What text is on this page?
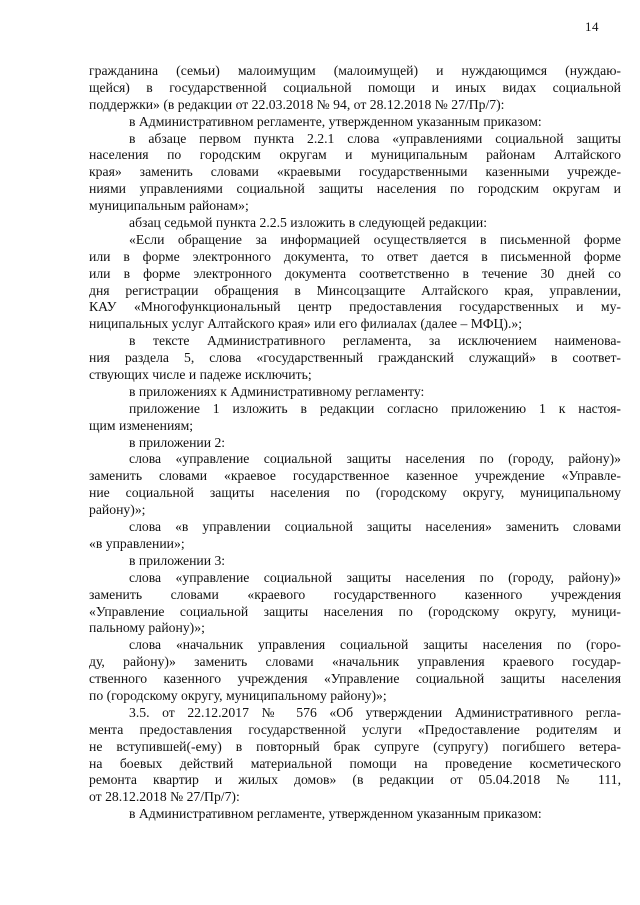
14
гражданина (семьи) малоимущим (малоимущей) и нуждающимся (нуждаю-
щейся) в государственной социальной помощи и иных видах социальной
поддержки» (в редакции от 22.03.2018 № 94, от 28.12.2018 № 27/Пр/7):
в Административном регламенте, утвержденном указанным приказом:
в абзаце первом пункта 2.2.1 слова «управлениями социальной защиты
населения по городским округам и муниципальным районам Алтайского
края» заменить словами «краевыми государственными казенными учрежде-
ниями управлениями социальной защиты населения по городским округам и
муниципальным районам»;
абзац седьмой пункта 2.2.5 изложить в следующей редакции:
«Если обращение за информацией осуществляется в письменной форме
или в форме электронного документа, то ответ дается в письменной форме
или в форме электронного документа соответственно в течение 30 дней со
дня регистрации обращения в Минсоцзащите Алтайского края, управлении,
КАУ «Многофункциональный центр предоставления государственных и му-
ниципальных услуг Алтайского края» или его филиалах (далее – МФЦ).»;
в тексте Административного регламента, за исключением наименова-
ния раздела 5, слова «государственный гражданский служащий» в соответ-
ствующих числе и падеже исключить;
в приложениях к Административному регламенту:
приложение 1 изложить в редакции согласно приложению 1 к настоя-
щим изменениям;
в приложении 2:
слова «управление социальной защиты населения по (городу, району)»
заменить словами «краевое государственное казенное учреждение «Управле-
ние социальной защиты населения по (городскому округу, муниципальному
району)»;
слова «в управлении социальной защиты населения» заменить словами
«в управлении»;
в приложении 3:
слова «управление социальной защиты населения по (городу, району)»
заменить словами «краевого государственного казенного учреждения
«Управление социальной защиты населения по (городскому округу, муници-
пальному району)»;
слова «начальник управления социальной защиты населения по (горо-
ду, району)» заменить словами «начальник управления краевого государ-
ственного казенного учреждения «Управление социальной защиты населения
по (городскому округу, муниципальному району)»;
3.5. от 22.12.2017 № 576 «Об утверждении Административного регла-
мента предоставления государственной услуги «Предоставление родителям и
не вступившей(-ему) в повторный брак супруге (супругу) погибшего ветера-
на боевых действий материальной помощи на проведение косметического
ремонта квартир и жилых домов» (в редакции от 05.04.2018 № 111,
от 28.12.2018 № 27/Пр/7):
в Административном регламенте, утвержденном указанным приказом:
